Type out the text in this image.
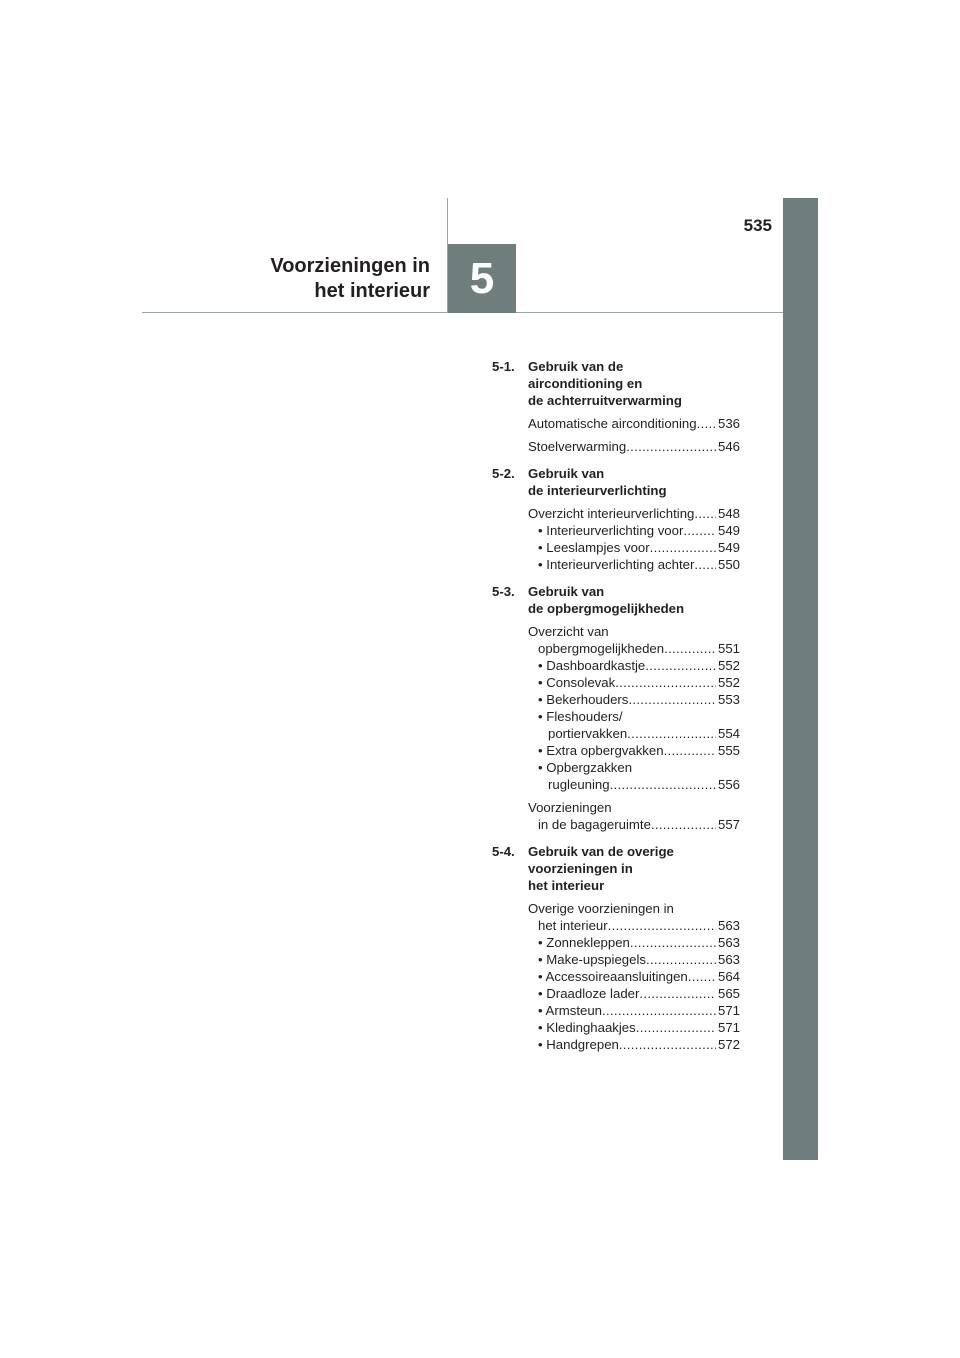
535
Voorzieningen in
het interieur 5
5-1.	Gebruik van de
airconditioning en
de achterruitverwarming
Automatische airconditioning ..... 536
Stoelverwarming .....	546
5-2.	Gebruik van
de interieurverlichting
Overzicht interieurverlichting ..... 548
• Interieurverlichting voor .....	549
• Leeslampjes voor .....	549
• Interieurverlichting achter ..... 550
5-3.	Gebruik van
de opbergmogelijkheden
Overzicht van
opbergmogelijkheden .....	551
• Dashboardkastje .....	552
• Consolevak .....	552
• Bekerhouders .....	553
• Fleshouders/
portiervakken .....	554
• Extra opbergvakken .....	555
• Opbergzakken
rugleuning .....	556
Voorzieningen
in de bagageruimte .....	557
5-4.	Gebruik van de overige
voorzieningen in
het interieur
Overige voorzieningen in
het interieur .....	563
• Zonnekleppen .....	563
• Make-upspiegels .....	563
• Accessoireaansluitingen ..... 564
• Draadloze lader .....	565
• Armsteun .....	571
• Kledinghaakjes .....	571
• Handgrepen .....	572
